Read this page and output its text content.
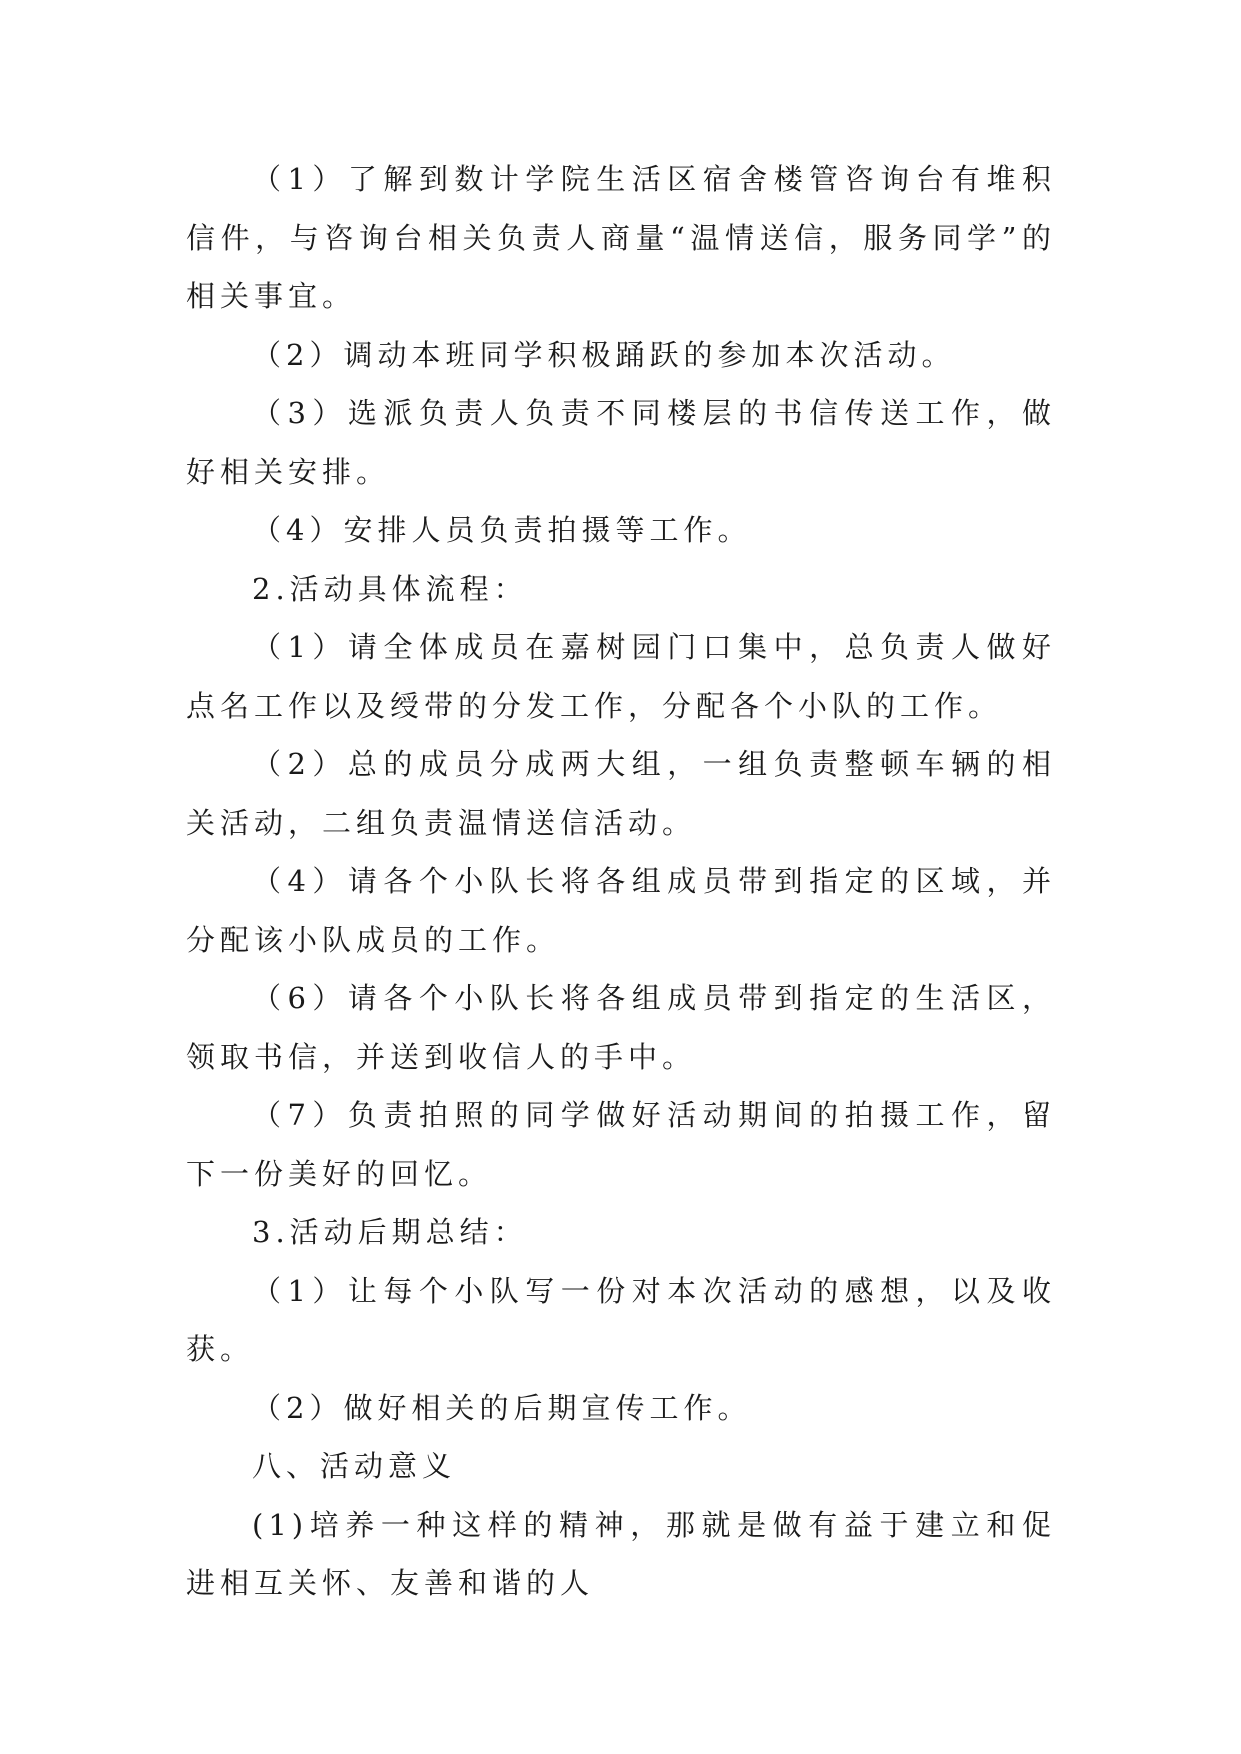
（1）了解到数计学院生活区宿舍楼管咨询台有堆积信件，与咨询台相关负责人商量“温情送信，服务同学”的相关事宜。

（2）调动本班同学积极踊跃的参加本次活动。

（3）选派负责人负责不同楼层的书信传送工作，做好相关安排。

（4）安排人员负责拍摄等工作。

2.活动具体流程：

（1）请全体成员在嘉树园门口集中，总负责人做好点名工作以及绶带的分发工作，分配各个小队的工作。

（2）总的成员分成两大组，一组负责整顿车辆的相关活动，二组负责温情送信活动。

（4）请各个小队长将各组成员带到指定的区域，并分配该小队成员的工作。

（6）请各个小队长将各组成员带到指定的生活区，领取书信，并送到收信人的手中。

（7）负责拍照的同学做好活动期间的拍摄工作，留下一份美好的回忆。

3.活动后期总结：

（1）让每个小队写一份对本次活动的感想，以及收获。

（2）做好相关的后期宣传工作。

八、活动意义

(1)培养一种这样的精神，那就是做有益于建立和促进相互关怀、友善和谐的人
